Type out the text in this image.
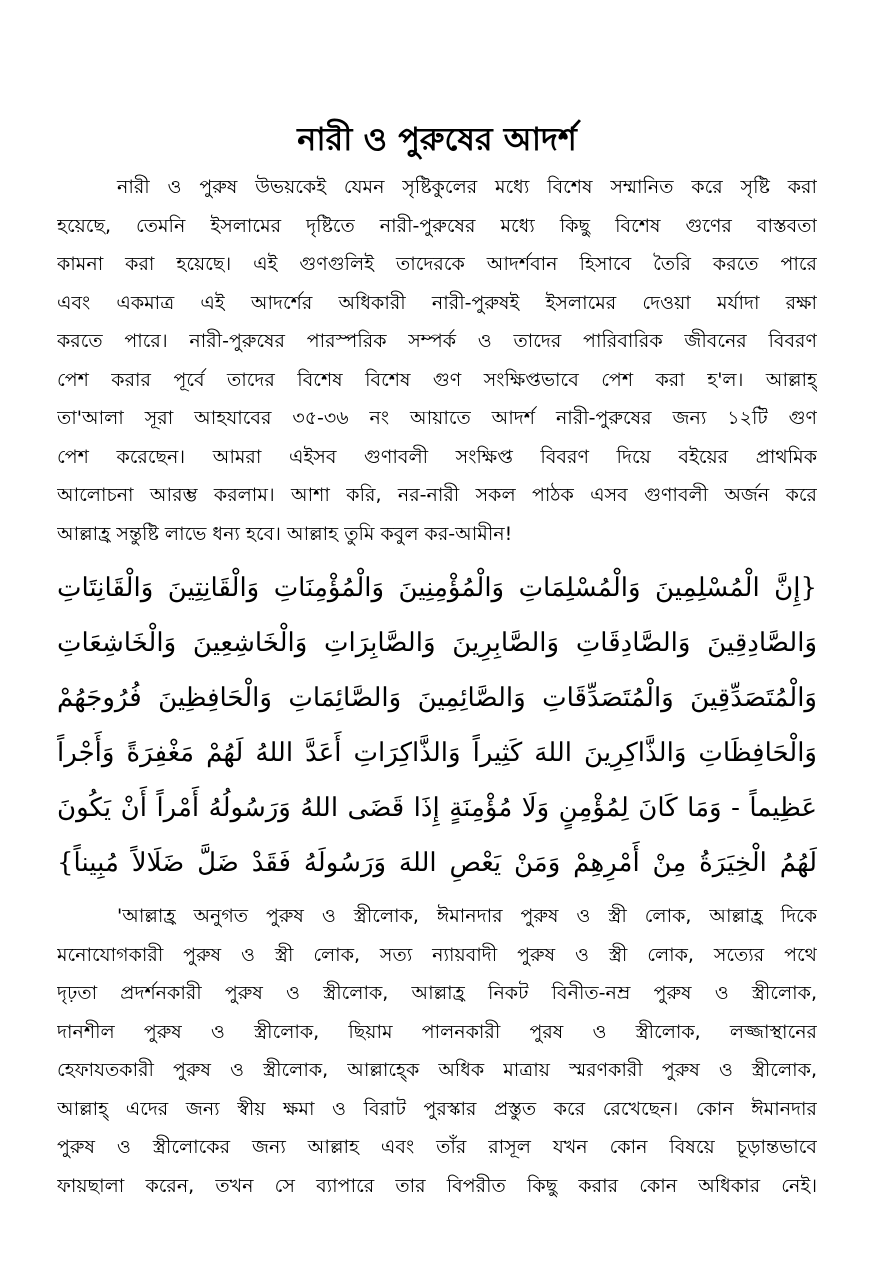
নারী ও পুরুষের আদর্শ
নারী ও পুরুষ উভয়কেই যেমন সৃষ্টিকুলের মধ্যে বিশেষ সম্মানিত করে সৃষ্টি করা
হয়েছে, তেমনি ইসলামের দৃষ্টিতে নারী-পুরুষের মধ্যে কিছু বিশেষ গুণের বাস্তবতা
কামনা করা হয়েছে। এই গুণগুলিই তাদেরকে আদর্শবান হিসাবে তৈরি করতে পারে
এবং একমাত্র এই আদর্শের অধিকারী নারী-পুরুষই ইসলামের দেওয়া মর্যাদা রক্ষা
করতে পারে। নারী-পুরুষের পারস্পরিক সম্পর্ক ও তাদের পারিবারিক জীবনের বিবরণ
পেশ করার পূর্বে তাদের বিশেষ বিশেষ গুণ সংক্ষিপ্তভাবে পেশ করা হ'ল। আল্লাহ্
তা'আলা সূরা আহযাবের ৩৫-৩৬ নং আয়াতে আদর্শ নারী-পুরুষের জন্য ১২টি গুণ
পেশ করেছেন। আমরা এইসব গুণাবলী সংক্ষিপ্ত বিবরণ দিয়ে বইয়ের প্রাথমিক
আলোচনা আরম্ভ করলাম। আশা করি, নর-নারী সকল পাঠক এসব গুণাবলী অর্জন করে
আল্লাহ্র সন্তুষ্টি লাভে ধন্য হবে। আল্লাহ তুমি কবুল কর-আমীন!
{إِنَّ الْمُسْلِمِينَ وَالْمُسْلِمَاتِ وَالْمُؤْمِنِينَ وَالْمُؤْمِنَاتِ وَالْقَانِتِينَ وَالْقَانِتَاتِ
وَالصَّادِقِينَ وَالصَّادِقَاتِ وَالصَّابِرِينَ وَالصَّابِرَاتِ وَالْخَاشِعِينَ وَالْخَاشِعَاتِ
وَالْمُتَصَدِّقِينَ وَالْمُتَصَدِّقَاتِ وَالصَّائِمِينَ وَالصَّائِمَاتِ وَالْحَافِظِينَ فُرُوجَهُمْ
وَالْحَافِظَاتِ وَالذَّاكِرِينَ اللهَ كَثِيراً وَالذَّاكِرَاتِ أَعَدَّ اللهُ لَهُمْ مَغْفِرَةً وَأَجْراً
عَظِيماً - وَمَا كَانَ لِمُؤْمِنٍ وَلَا مُؤْمِنَةٍ إِذَا قَضَى اللهُ وَرَسُولُهُ أَمْراً أَنْ يَكُونَ
لَهُمُ الْخِيَرَةُ مِنْ أَمْرِهِمْ وَمَنْ يَعْصِ اللهَ وَرَسُولَهُ فَقَدْ ضَلَّ ضَلَالاً مُبِيناً}
'আল্লাহ্র অনুগত পুরুষ ও স্ত্রীলোক, ঈমানদার পুরুষ ও স্ত্রী লোক, আল্লাহ্র দিকে
মনোযোগকারী পুরুষ ও স্ত্রী লোক, সত্য ন্যায়বাদী পুরুষ ও স্ত্রী লোক, সত্যের পথে
দৃঢ়তা প্রদর্শনকারী পুরুষ ও স্ত্রীলোক, আল্লাহ্র নিকট বিনীত-নম্র পুরুষ ও স্ত্রীলোক,
দানশীল পুরুষ ও স্ত্রীলোক, ছিয়াম পালনকারী পুরষ ও স্ত্রীলোক, লজ্জাস্থানের
হেফাযতকারী পুরুষ ও স্ত্রীলোক, আল্লাহ্কে অধিক মাত্রায় স্মরণকারী পুরুষ ও স্ত্রীলোক,
আল্লাহ্ এদের জন্য স্বীয় ক্ষমা ও বিরাট পুরস্কার প্রস্তুত করে রেখেছেন। কোন ঈমানদার
পুরুষ ও স্ত্রীলোকের জন্য আল্লাহ এবং তাঁর রাসূল যখন কোন বিষয়ে চূড়ান্তভাবে
ফায়ছালা করেন, তখন সে ব্যাপারে তার বিপরীত কিছু করার কোন অধিকার নেই।
